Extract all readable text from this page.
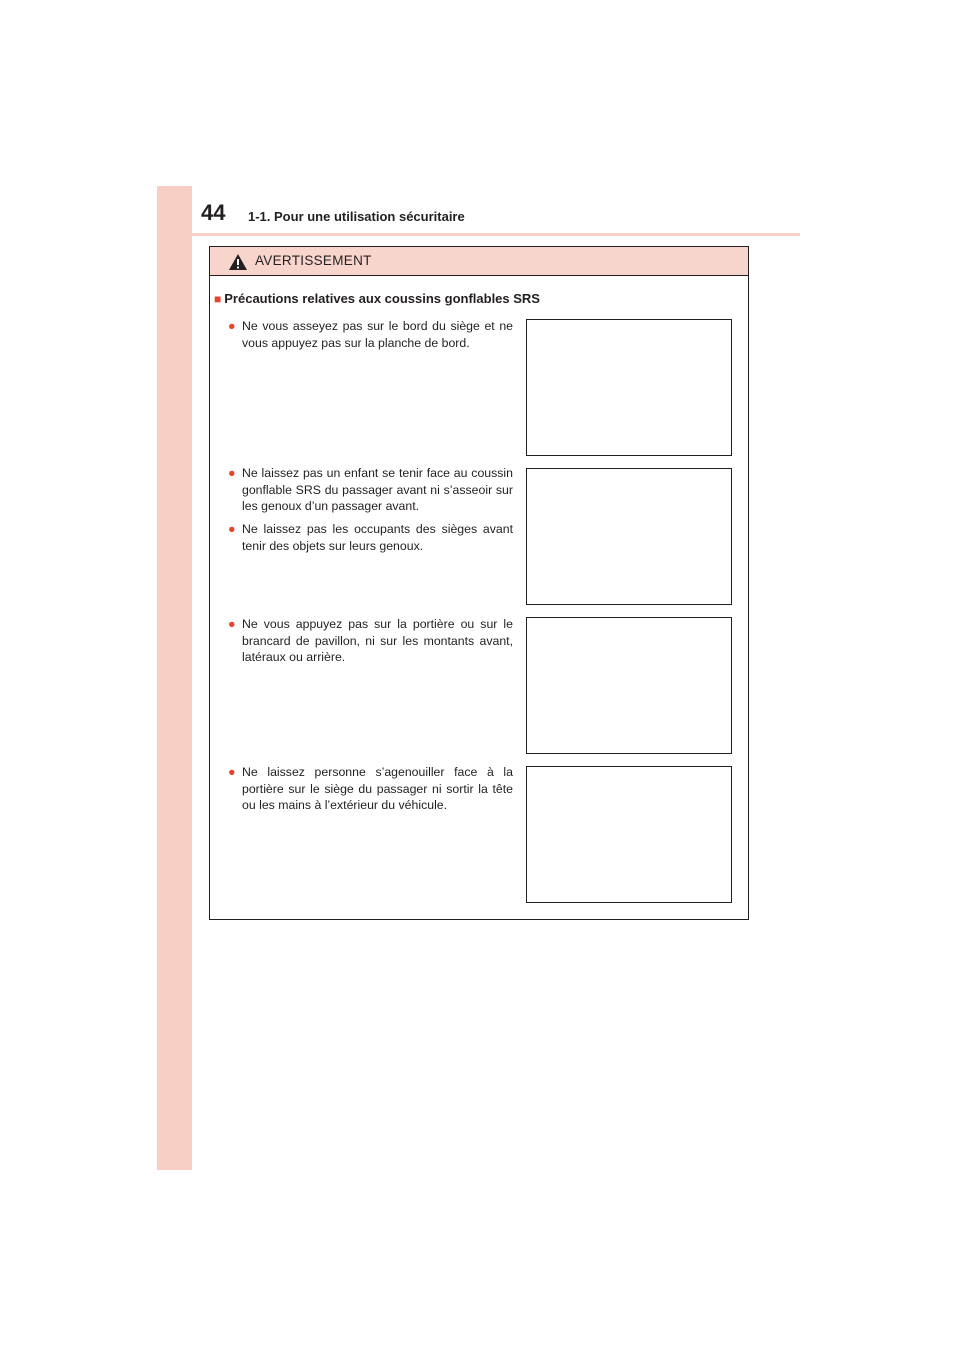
44 1-1. Pour une utilisation sécuritaire
AVERTISSEMENT
■ Précautions relatives aux coussins gonflables SRS
● Ne vous asseyez pas sur le bord du siège et ne vous appuyez pas sur la planche de bord.
● Ne laissez pas un enfant se tenir face au coussin gonflable SRS du passager avant ni s’asseoir sur les genoux d’un passager avant.
● Ne laissez pas les occupants des sièges avant tenir des objets sur leurs genoux.
● Ne vous appuyez pas sur la portière ou sur le brancard de pavillon, ni sur les montants avant, latéraux ou arrière.
● Ne laissez personne s’agenouiller face à la portière sur le siège du passager ni sortir la tête ou les mains à l’extérieur du véhicule.
